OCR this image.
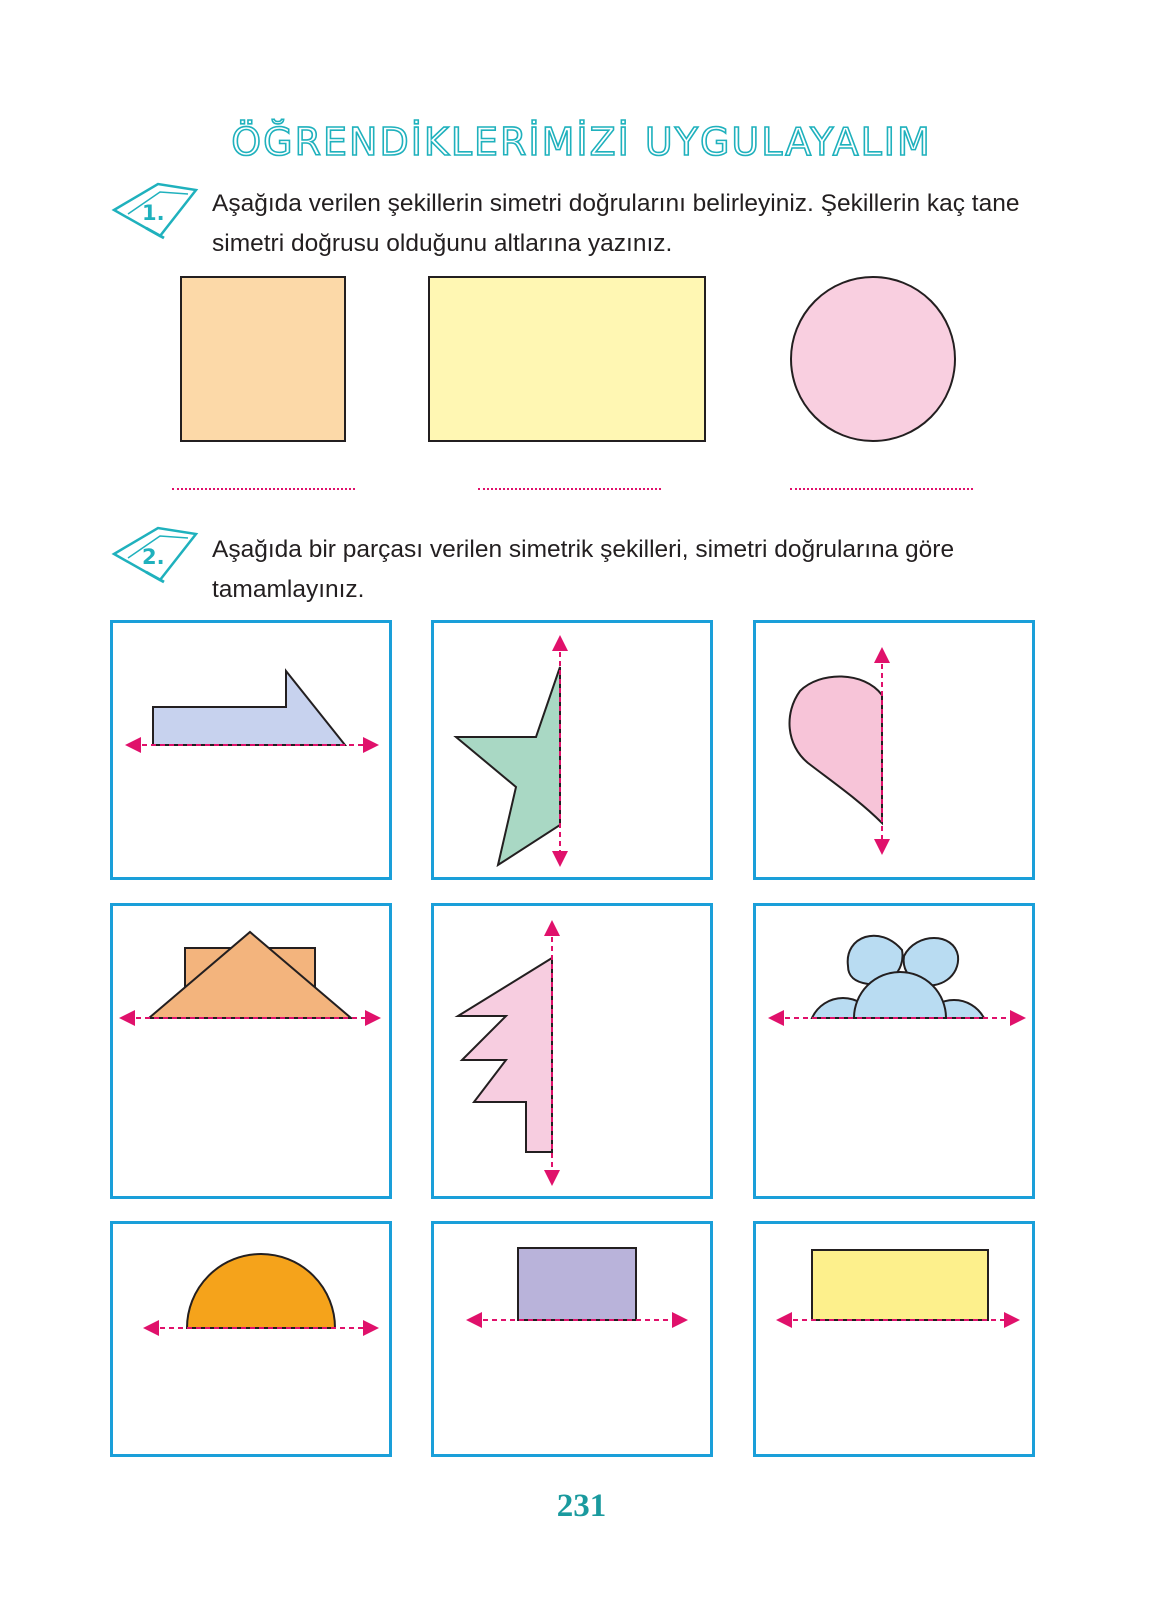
ÖĞRENDİKLERİMİZİ UYGULAYALIM
1. Aşağıda verilen şekillerin simetri doğrularını belirleyiniz. Şekillerin kaç tane simetri doğrusu olduğunu altlarına yazınız.
2. Aşağıda bir parçası verilen simetrik şekilleri, simetri doğrularına göre tamamlayınız.
231
